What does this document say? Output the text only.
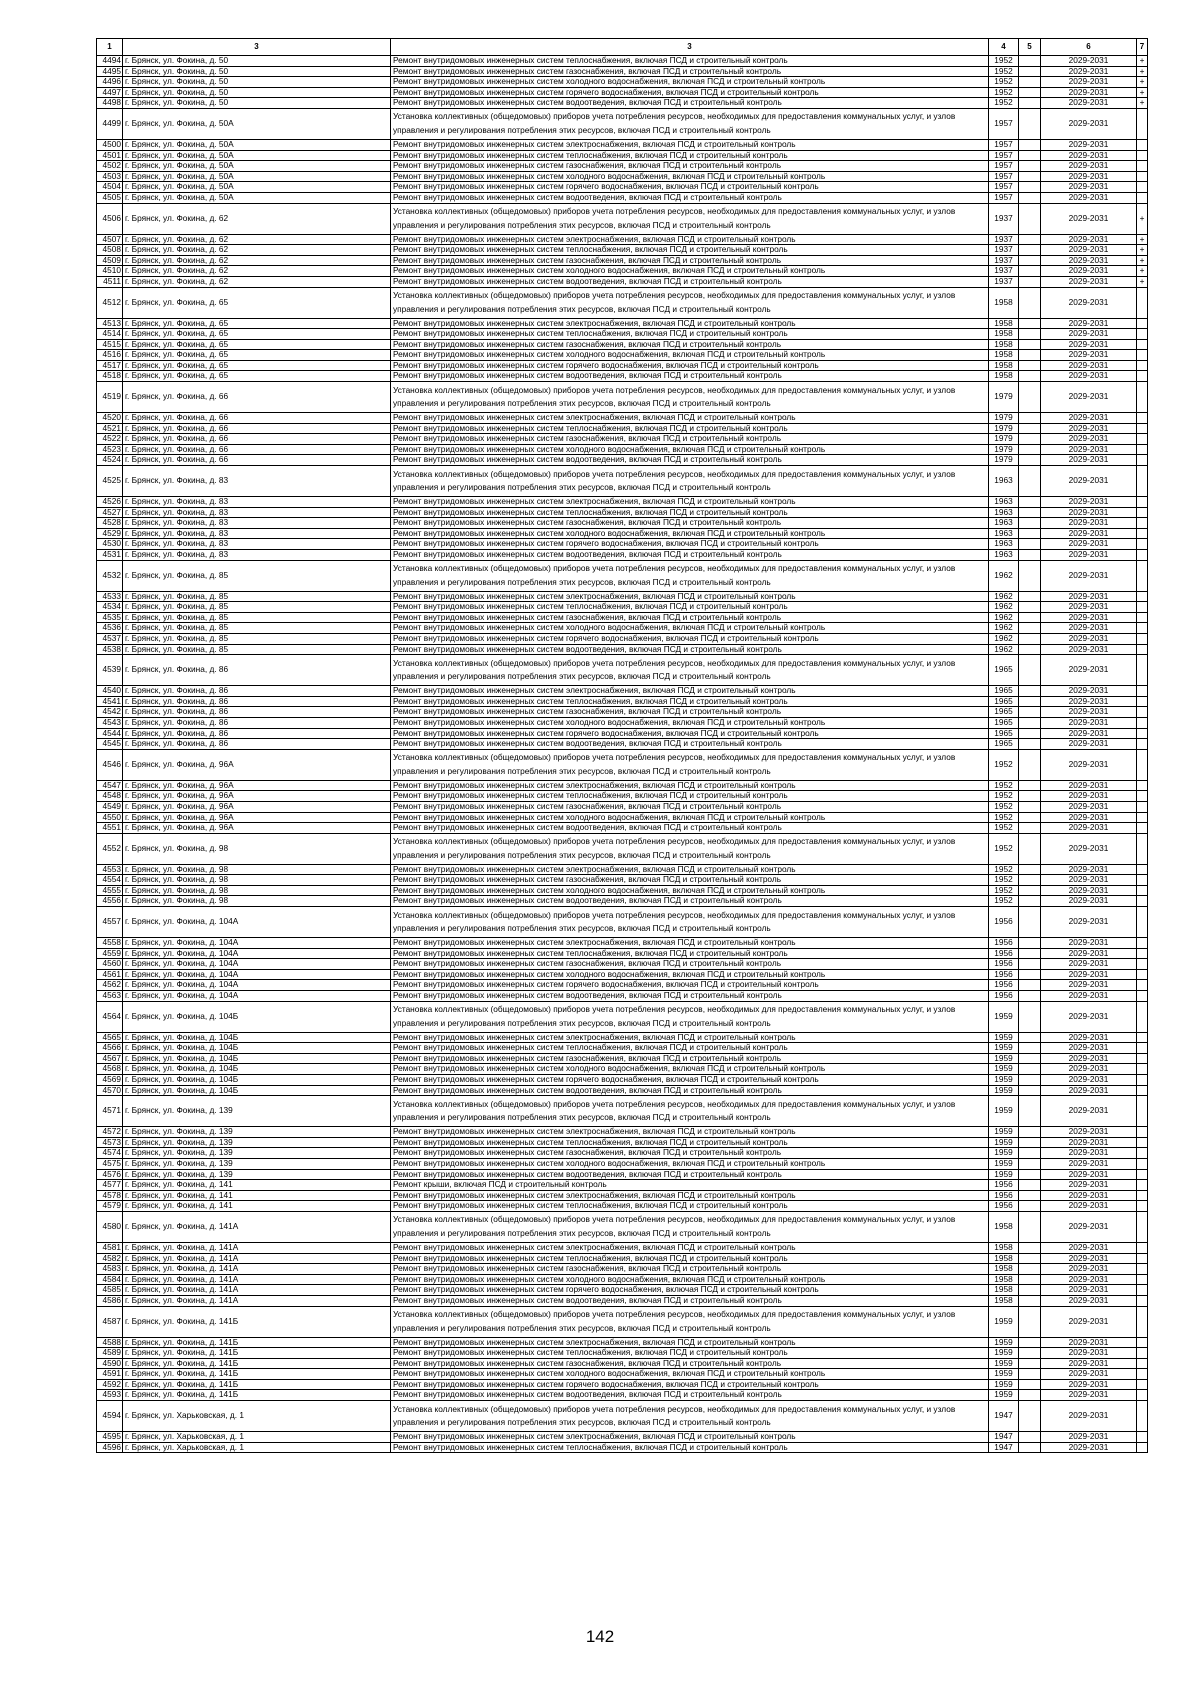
1	3	3	4	5	6	7
4494	г. Брянск, ул. Фокина, д. 50	Ремонт внутридомовых инженерных систем теплоснабжения, включая ПСД и строительный контроль	1952		2029-2031	+
4495	г. Брянск, ул. Фокина, д. 50	Ремонт внутридомовых инженерных систем газоснабжения, включая ПСД и строительный контроль	1952		2029-2031	+
4496	г. Брянск, ул. Фокина, д. 50	Ремонт внутридомовых инженерных систем холодного водоснабжения, включая ПСД и строительный контроль	1952		2029-2031	+
4497	г. Брянск, ул. Фокина, д. 50	Ремонт внутридомовых инженерных систем горячего водоснабжения, включая ПСД и строительный контроль	1952		2029-2031	+
4498	г. Брянск, ул. Фокина, д. 50	Ремонт внутридомовых инженерных систем водоотведения, включая ПСД и строительный контроль	1952		2029-2031	+
4499	г. Брянск, ул. Фокина, д. 50А	Установка коллективных (общедомовых) приборов учета потребления ресурсов, необходимых для предоставления коммунальных услуг, и узлов управления и регулирования потребления этих ресурсов, включая ПСД и строительный контроль	1957		2029-2031	
4500	г. Брянск, ул. Фокина, д. 50А	Ремонт внутридомовых инженерных систем электроснабжения, включая ПСД и строительный контроль	1957		2029-2031	
4501	г. Брянск, ул. Фокина, д. 50А	Ремонт внутридомовых инженерных систем теплоснабжения, включая ПСД и строительный контроль	1957		2029-2031	
4502	г. Брянск, ул. Фокина, д. 50А	Ремонт внутридомовых инженерных систем газоснабжения, включая ПСД и строительный контроль	1957		2029-2031	
4503	г. Брянск, ул. Фокина, д. 50А	Ремонт внутридомовых инженерных систем холодного водоснабжения, включая ПСД и строительный контроль	1957		2029-2031	
4504	г. Брянск, ул. Фокина, д. 50А	Ремонт внутридомовых инженерных систем горячего водоснабжения, включая ПСД и строительный контроль	1957		2029-2031	
4505	г. Брянск, ул. Фокина, д. 50А	Ремонт внутридомовых инженерных систем водоотведения, включая ПСД и строительный контроль	1957		2029-2031	
4506	г. Брянск, ул. Фокина, д. 62	Установка коллективных (общедомовых) приборов учета потребления ресурсов, необходимых для предоставления коммунальных услуг, и узлов управления и регулирования потребления этих ресурсов, включая ПСД и строительный контроль	1937		2029-2031	+
4507	г. Брянск, ул. Фокина, д. 62	Ремонт внутридомовых инженерных систем электроснабжения, включая ПСД и строительный контроль	1937		2029-2031	+
4508	г. Брянск, ул. Фокина, д. 62	Ремонт внутридомовых инженерных систем теплоснабжения, включая ПСД и строительный контроль	1937		2029-2031	+
4509	г. Брянск, ул. Фокина, д. 62	Ремонт внутридомовых инженерных систем газоснабжения, включая ПСД и строительный контроль	1937		2029-2031	+
4510	г. Брянск, ул. Фокина, д. 62	Ремонт внутридомовых инженерных систем холодного водоснабжения, включая ПСД и строительный контроль	1937		2029-2031	+
4511	г. Брянск, ул. Фокина, д. 62	Ремонт внутридомовых инженерных систем водоотведения, включая ПСД и строительный контроль	1937		2029-2031	+
4512	г. Брянск, ул. Фокина, д. 65	Установка коллективных (общедомовых) приборов учета потребления ресурсов, необходимых для предоставления коммунальных услуг, и узлов управления и регулирования потребления этих ресурсов, включая ПСД и строительный контроль	1958		2029-2031	
4513	г. Брянск, ул. Фокина, д. 65	Ремонт внутридомовых инженерных систем электроснабжения, включая ПСД и строительный контроль	1958		2029-2031	
4514	г. Брянск, ул. Фокина, д. 65	Ремонт внутридомовых инженерных систем теплоснабжения, включая ПСД и строительный контроль	1958		2029-2031	
4515	г. Брянск, ул. Фокина, д. 65	Ремонт внутридомовых инженерных систем газоснабжения, включая ПСД и строительный контроль	1958		2029-2031	
4516	г. Брянск, ул. Фокина, д. 65	Ремонт внутридомовых инженерных систем холодного водоснабжения, включая ПСД и строительный контроль	1958		2029-2031	
4517	г. Брянск, ул. Фокина, д. 65	Ремонт внутридомовых инженерных систем горячего водоснабжения, включая ПСД и строительный контроль	1958		2029-2031	
4518	г. Брянск, ул. Фокина, д. 65	Ремонт внутридомовых инженерных систем водоотведения, включая ПСД и строительный контроль	1958		2029-2031	
4519	г. Брянск, ул. Фокина, д. 66	Установка коллективных (общедомовых) приборов учета потребления ресурсов, необходимых для предоставления коммунальных услуг, и узлов управления и регулирования потребления этих ресурсов, включая ПСД и строительный контроль	1979		2029-2031	
4520	г. Брянск, ул. Фокина, д. 66	Ремонт внутридомовых инженерных систем электроснабжения, включая ПСД и строительный контроль	1979		2029-2031	
4521	г. Брянск, ул. Фокина, д. 66	Ремонт внутридомовых инженерных систем теплоснабжения, включая ПСД и строительный контроль	1979		2029-2031	
4522	г. Брянск, ул. Фокина, д. 66	Ремонт внутридомовых инженерных систем газоснабжения, включая ПСД и строительный контроль	1979		2029-2031	
4523	г. Брянск, ул. Фокина, д. 66	Ремонт внутридомовых инженерных систем холодного водоснабжения, включая ПСД и строительный контроль	1979		2029-2031	
4524	г. Брянск, ул. Фокина, д. 66	Ремонт внутридомовых инженерных систем водоотведения, включая ПСД и строительный контроль	1979		2029-2031	
4525	г. Брянск, ул. Фокина, д. 83	Установка коллективных (общедомовых) приборов учета потребления ресурсов, необходимых для предоставления коммунальных услуг, и узлов управления и регулирования потребления этих ресурсов, включая ПСД и строительный контроль	1963		2029-2031	
4526	г. Брянск, ул. Фокина, д. 83	Ремонт внутридомовых инженерных систем электроснабжения, включая ПСД и строительный контроль	1963		2029-2031	
4527	г. Брянск, ул. Фокина, д. 83	Ремонт внутридомовых инженерных систем теплоснабжения, включая ПСД и строительный контроль	1963		2029-2031	
4528	г. Брянск, ул. Фокина, д. 83	Ремонт внутридомовых инженерных систем газоснабжения, включая ПСД и строительный контроль	1963		2029-2031	
4529	г. Брянск, ул. Фокина, д. 83	Ремонт внутридомовых инженерных систем холодного водоснабжения, включая ПСД и строительный контроль	1963		2029-2031	
4530	г. Брянск, ул. Фокина, д. 83	Ремонт внутридомовых инженерных систем горячего водоснабжения, включая ПСД и строительный контроль	1963		2029-2031	
4531	г. Брянск, ул. Фокина, д. 83	Ремонт внутридомовых инженерных систем водоотведения, включая ПСД и строительный контроль	1963		2029-2031	
4532	г. Брянск, ул. Фокина, д. 85	Установка коллективных (общедомовых) приборов учета потребления ресурсов, необходимых для предоставления коммунальных услуг, и узлов управления и регулирования потребления этих ресурсов, включая ПСД и строительный контроль	1962		2029-2031	
4533	г. Брянск, ул. Фокина, д. 85	Ремонт внутридомовых инженерных систем электроснабжения, включая ПСД и строительный контроль	1962		2029-2031	
4534	г. Брянск, ул. Фокина, д. 85	Ремонт внутридомовых инженерных систем теплоснабжения, включая ПСД и строительный контроль	1962		2029-2031	
4535	г. Брянск, ул. Фокина, д. 85	Ремонт внутридомовых инженерных систем газоснабжения, включая ПСД и строительный контроль	1962		2029-2031	
4536	г. Брянск, ул. Фокина, д. 85	Ремонт внутридомовых инженерных систем холодного водоснабжения, включая ПСД и строительный контроль	1962		2029-2031	
4537	г. Брянск, ул. Фокина, д. 85	Ремонт внутридомовых инженерных систем горячего водоснабжения, включая ПСД и строительный контроль	1962		2029-2031	
4538	г. Брянск, ул. Фокина, д. 85	Ремонт внутридомовых инженерных систем водоотведения, включая ПСД и строительный контроль	1962		2029-2031	
4539	г. Брянск, ул. Фокина, д. 86	Установка коллективных (общедомовых) приборов учета потребления ресурсов, необходимых для предоставления коммунальных услуг, и узлов управления и регулирования потребления этих ресурсов, включая ПСД и строительный контроль	1965		2029-2031	
4540	г. Брянск, ул. Фокина, д. 86	Ремонт внутридомовых инженерных систем электроснабжения, включая ПСД и строительный контроль	1965		2029-2031	
4541	г. Брянск, ул. Фокина, д. 86	Ремонт внутридомовых инженерных систем теплоснабжения, включая ПСД и строительный контроль	1965		2029-2031	
4542	г. Брянск, ул. Фокина, д. 86	Ремонт внутридомовых инженерных систем газоснабжения, включая ПСД и строительный контроль	1965		2029-2031	
4543	г. Брянск, ул. Фокина, д. 86	Ремонт внутридомовых инженерных систем холодного водоснабжения, включая ПСД и строительный контроль	1965		2029-2031	
4544	г. Брянск, ул. Фокина, д. 86	Ремонт внутридомовых инженерных систем горячего водоснабжения, включая ПСД и строительный контроль	1965		2029-2031	
4545	г. Брянск, ул. Фокина, д. 86	Ремонт внутридомовых инженерных систем водоотведения, включая ПСД и строительный контроль	1965		2029-2031	
4546	г. Брянск, ул. Фокина, д. 96А	Установка коллективных (общедомовых) приборов учета потребления ресурсов, необходимых для предоставления коммунальных услуг, и узлов управления и регулирования потребления этих ресурсов, включая ПСД и строительный контроль	1952		2029-2031	
4547	г. Брянск, ул. Фокина, д. 96А	Ремонт внутридомовых инженерных систем электроснабжения, включая ПСД и строительный контроль	1952		2029-2031	
4548	г. Брянск, ул. Фокина, д. 96А	Ремонт внутридомовых инженерных систем теплоснабжения, включая ПСД и строительный контроль	1952		2029-2031	
4549	г. Брянск, ул. Фокина, д. 96А	Ремонт внутридомовых инженерных систем газоснабжения, включая ПСД и строительный контроль	1952		2029-2031	
4550	г. Брянск, ул. Фокина, д. 96А	Ремонт внутридомовых инженерных систем холодного водоснабжения, включая ПСД и строительный контроль	1952		2029-2031	
4551	г. Брянск, ул. Фокина, д. 96А	Ремонт внутридомовых инженерных систем водоотведения, включая ПСД и строительный контроль	1952		2029-2031	
4552	г. Брянск, ул. Фокина, д. 98	Установка коллективных (общедомовых) приборов учета потребления ресурсов, необходимых для предоставления коммунальных услуг, и узлов управления и регулирования потребления этих ресурсов, включая ПСД и строительный контроль	1952		2029-2031	
4553	г. Брянск, ул. Фокина, д. 98	Ремонт внутридомовых инженерных систем электроснабжения, включая ПСД и строительный контроль	1952		2029-2031	
4554	г. Брянск, ул. Фокина, д. 98	Ремонт внутридомовых инженерных систем газоснабжения, включая ПСД и строительный контроль	1952		2029-2031	
4555	г. Брянск, ул. Фокина, д. 98	Ремонт внутридомовых инженерных систем холодного водоснабжения, включая ПСД и строительный контроль	1952		2029-2031	
4556	г. Брянск, ул. Фокина, д. 98	Ремонт внутридомовых инженерных систем водоотведения, включая ПСД и строительный контроль	1952		2029-2031	
4557	г. Брянск, ул. Фокина, д. 104А	Установка коллективных (общедомовых) приборов учета потребления ресурсов, необходимых для предоставления коммунальных услуг, и узлов управления и регулирования потребления этих ресурсов, включая ПСД и строительный контроль	1956		2029-2031	
4558	г. Брянск, ул. Фокина, д. 104А	Ремонт внутридомовых инженерных систем электроснабжения, включая ПСД и строительный контроль	1956		2029-2031	
4559	г. Брянск, ул. Фокина, д. 104А	Ремонт внутридомовых инженерных систем теплоснабжения, включая ПСД и строительный контроль	1956		2029-2031	
4560	г. Брянск, ул. Фокина, д. 104А	Ремонт внутридомовых инженерных систем газоснабжения, включая ПСД и строительный контроль	1956		2029-2031	
4561	г. Брянск, ул. Фокина, д. 104А	Ремонт внутридомовых инженерных систем холодного водоснабжения, включая ПСД и строительный контроль	1956		2029-2031	
4562	г. Брянск, ул. Фокина, д. 104А	Ремонт внутридомовых инженерных систем горячего водоснабжения, включая ПСД и строительный контроль	1956		2029-2031	
4563	г. Брянск, ул. Фокина, д. 104А	Ремонт внутридомовых инженерных систем водоотведения, включая ПСД и строительный контроль	1956		2029-2031	
4564	г. Брянск, ул. Фокина, д. 104Б	Установка коллективных (общедомовых) приборов учета потребления ресурсов, необходимых для предоставления коммунальных услуг, и узлов управления и регулирования потребления этих ресурсов, включая ПСД и строительный контроль	1959		2029-2031	
4565	г. Брянск, ул. Фокина, д. 104Б	Ремонт внутридомовых инженерных систем электроснабжения, включая ПСД и строительный контроль	1959		2029-2031	
4566	г. Брянск, ул. Фокина, д. 104Б	Ремонт внутридомовых инженерных систем теплоснабжения, включая ПСД и строительный контроль	1959		2029-2031	
4567	г. Брянск, ул. Фокина, д. 104Б	Ремонт внутридомовых инженерных систем газоснабжения, включая ПСД и строительный контроль	1959		2029-2031	
4568	г. Брянск, ул. Фокина, д. 104Б	Ремонт внутридомовых инженерных систем холодного водоснабжения, включая ПСД и строительный контроль	1959		2029-2031	
4569	г. Брянск, ул. Фокина, д. 104Б	Ремонт внутридомовых инженерных систем горячего водоснабжения, включая ПСД и строительный контроль	1959		2029-2031	
4570	г. Брянск, ул. Фокина, д. 104Б	Ремонт внутридомовых инженерных систем водоотведения, включая ПСД и строительный контроль	1959		2029-2031	
4571	г. Брянск, ул. Фокина, д. 139	Установка коллективных (общедомовых) приборов учета потребления ресурсов, необходимых для предоставления коммунальных услуг, и узлов управления и регулирования потребления этих ресурсов, включая ПСД и строительный контроль	1959		2029-2031	
4572	г. Брянск, ул. Фокина, д. 139	Ремонт внутридомовых инженерных систем электроснабжения, включая ПСД и строительный контроль	1959		2029-2031	
4573	г. Брянск, ул. Фокина, д. 139	Ремонт внутридомовых инженерных систем теплоснабжения, включая ПСД и строительный контроль	1959		2029-2031	
4574	г. Брянск, ул. Фокина, д. 139	Ремонт внутридомовых инженерных систем газоснабжения, включая ПСД и строительный контроль	1959		2029-2031	
4575	г. Брянск, ул. Фокина, д. 139	Ремонт внутридомовых инженерных систем холодного водоснабжения, включая ПСД и строительный контроль	1959		2029-2031	
4576	г. Брянск, ул. Фокина, д. 139	Ремонт внутридомовых инженерных систем водоотведения, включая ПСД и строительный контроль	1959		2029-2031	
4577	г. Брянск, ул. Фокина, д. 141	Ремонт крыши, включая ПСД и строительный контроль	1956		2029-2031	
4578	г. Брянск, ул. Фокина, д. 141	Ремонт внутридомовых инженерных систем электроснабжения, включая ПСД и строительный контроль	1956		2029-2031	
4579	г. Брянск, ул. Фокина, д. 141	Ремонт внутридомовых инженерных систем теплоснабжения, включая ПСД и строительный контроль	1956		2029-2031	
4580	г. Брянск, ул. Фокина, д. 141А	Установка коллективных (общедомовых) приборов учета потребления ресурсов, необходимых для предоставления коммунальных услуг, и узлов управления и регулирования потребления этих ресурсов, включая ПСД и строительный контроль	1958		2029-2031	
4581	г. Брянск, ул. Фокина, д. 141А	Ремонт внутридомовых инженерных систем электроснабжения, включая ПСД и строительный контроль	1958		2029-2031	
4582	г. Брянск, ул. Фокина, д. 141А	Ремонт внутридомовых инженерных систем теплоснабжения, включая ПСД и строительный контроль	1958		2029-2031	
4583	г. Брянск, ул. Фокина, д. 141А	Ремонт внутридомовых инженерных систем газоснабжения, включая ПСД и строительный контроль	1958		2029-2031	
4584	г. Брянск, ул. Фокина, д. 141А	Ремонт внутридомовых инженерных систем холодного водоснабжения, включая ПСД и строительный контроль	1958		2029-2031	
4585	г. Брянск, ул. Фокина, д. 141А	Ремонт внутридомовых инженерных систем горячего водоснабжения, включая ПСД и строительный контроль	1958		2029-2031	
4586	г. Брянск, ул. Фокина, д. 141А	Ремонт внутридомовых инженерных систем водоотведения, включая ПСД и строительный контроль	1958		2029-2031	
4587	г. Брянск, ул. Фокина, д. 141Б	Установка коллективных (общедомовых) приборов учета потребления ресурсов, необходимых для предоставления коммунальных услуг, и узлов управления и регулирования потребления этих ресурсов, включая ПСД и строительный контроль	1959		2029-2031	
4588	г. Брянск, ул. Фокина, д. 141Б	Ремонт внутридомовых инженерных систем электроснабжения, включая ПСД и строительный контроль	1959		2029-2031	
4589	г. Брянск, ул. Фокина, д. 141Б	Ремонт внутридомовых инженерных систем теплоснабжения, включая ПСД и строительный контроль	1959		2029-2031	
4590	г. Брянск, ул. Фокина, д. 141Б	Ремонт внутридомовых инженерных систем газоснабжения, включая ПСД и строительный контроль	1959		2029-2031	
4591	г. Брянск, ул. Фокина, д. 141Б	Ремонт внутридомовых инженерных систем холодного водоснабжения, включая ПСД и строительный контроль	1959		2029-2031	
4592	г. Брянск, ул. Фокина, д. 141Б	Ремонт внутридомовых инженерных систем горячего водоснабжения, включая ПСД и строительный контроль	1959		2029-2031	
4593	г. Брянск, ул. Фокина, д. 141Б	Ремонт внутридомовых инженерных систем водоотведения, включая ПСД и строительный контроль	1959		2029-2031	
4594	г. Брянск, ул. Харьковская, д. 1	Установка коллективных (общедомовых) приборов учета потребления ресурсов, необходимых для предоставления коммунальных услуг, и узлов управления и регулирования потребления этих ресурсов, включая ПСД и строительный контроль	1947		2029-2031	
4595	г. Брянск, ул. Харьковская, д. 1	Ремонт внутридомовых инженерных систем электроснабжения, включая ПСД и строительный контроль	1947		2029-2031	
4596	г. Брянск, ул. Харьковская, д. 1	Ремонт внутридомовых инженерных систем теплоснабжения, включая ПСД и строительный контроль	1947		2029-2031	
142
